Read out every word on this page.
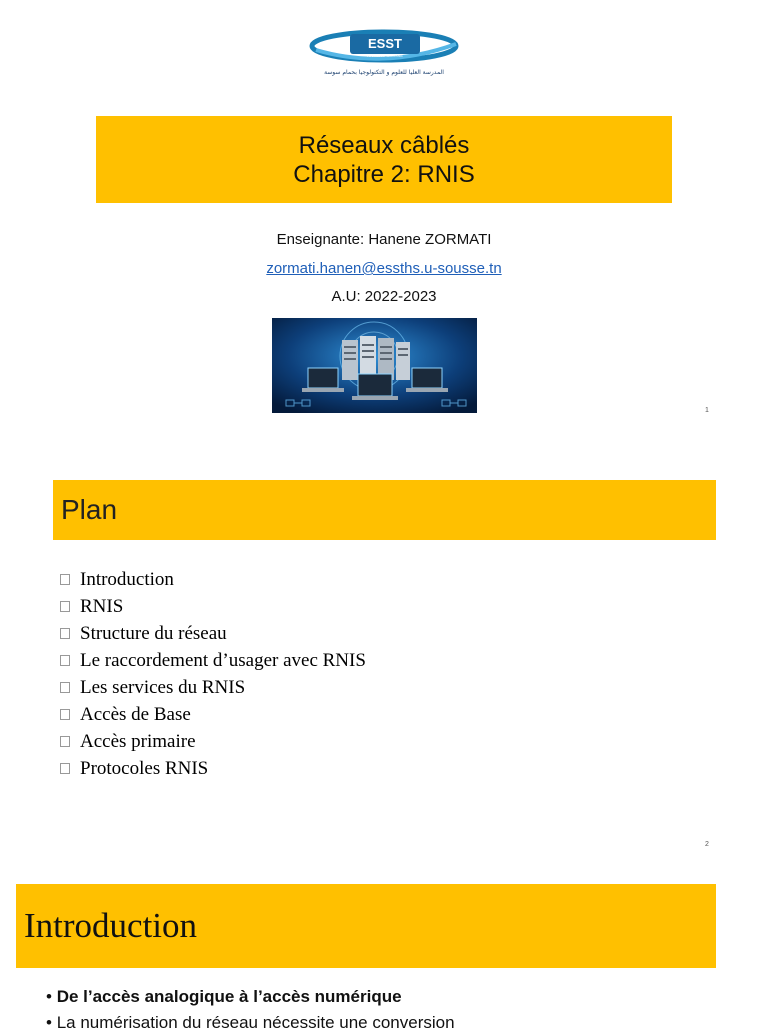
ESST
HAMMAM SOUSSE
المدرسة العليا للعلوم و التكنولوجيا بحمام سوسة
Réseaux câblés
Chapitre 2: RNIS
Enseignante: Hanene ZORMATI
zormati.hanen@essths.u-sousse.tn
A.U: 2022-2023
1
Plan
Introduction
RNIS
Structure du réseau
Le raccordement d’usager avec RNIS
Les services du RNIS
Accès de Base
Accès primaire
Protocoles RNIS
2
Introduction
• De l’accès analogique à l’accès numérique
• La numérisation du réseau nécessite une conversion
